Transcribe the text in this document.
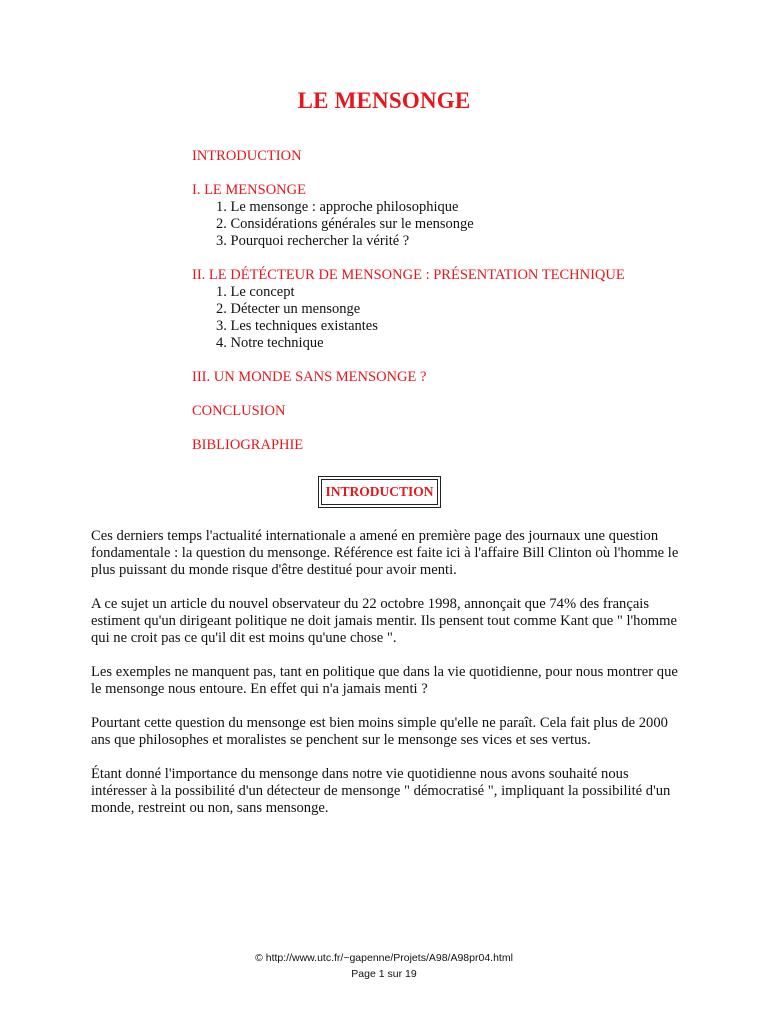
LE MENSONGE

INTRODUCTION

I. LE MENSONGE

1. Le mensonge : approche philosophique

2. Considérations générales sur le mensonge

3. Pourquoi rechercher la vérité ?

II. LE DÉTÉCTEUR DE MENSONGE : PRÉSENTATION TECHNIQUE

1. Le concept

2. Détecter un mensonge

3. Les techniques existantes

4. Notre technique

III. UN MONDE SANS MENSONGE ?

CONCLUSION

BIBLIOGRAPHIE

INTRODUCTION

Ces derniers temps l'actualité internationale a amené en première page des journaux une question fondamentale : la question du mensonge. Référence est faite ici à l'affaire Bill Clinton où l'homme le plus puissant du monde risque d'être destitué pour avoir menti.

A ce sujet un article du nouvel observateur du 22 octobre 1998, annonçait que 74% des français estiment qu'un dirigeant politique ne doit jamais mentir. Ils pensent tout comme Kant que " l'homme qui ne croit pas ce qu'il dit est moins qu'une chose ".

Les exemples ne manquent pas, tant en politique que dans la vie quotidienne, pour nous montrer que le mensonge nous entoure. En effet qui n'a jamais menti ?

Pourtant cette question du mensonge est bien moins simple qu'elle ne paraît. Cela fait plus de 2000 ans que philosophes et moralistes se penchent sur le mensonge ses vices et ses vertus.

Étant donné l'importance du mensonge dans notre vie quotidienne nous avons souhaité nous intéresser à la possibilité d'un détecteur de mensonge " démocratisé ", impliquant la possibilité d'un monde, restreint ou non, sans mensonge.

© http://www.utc.fr/~gapenne/Projets/A98/A98pr04.html
Page 1 sur 19
